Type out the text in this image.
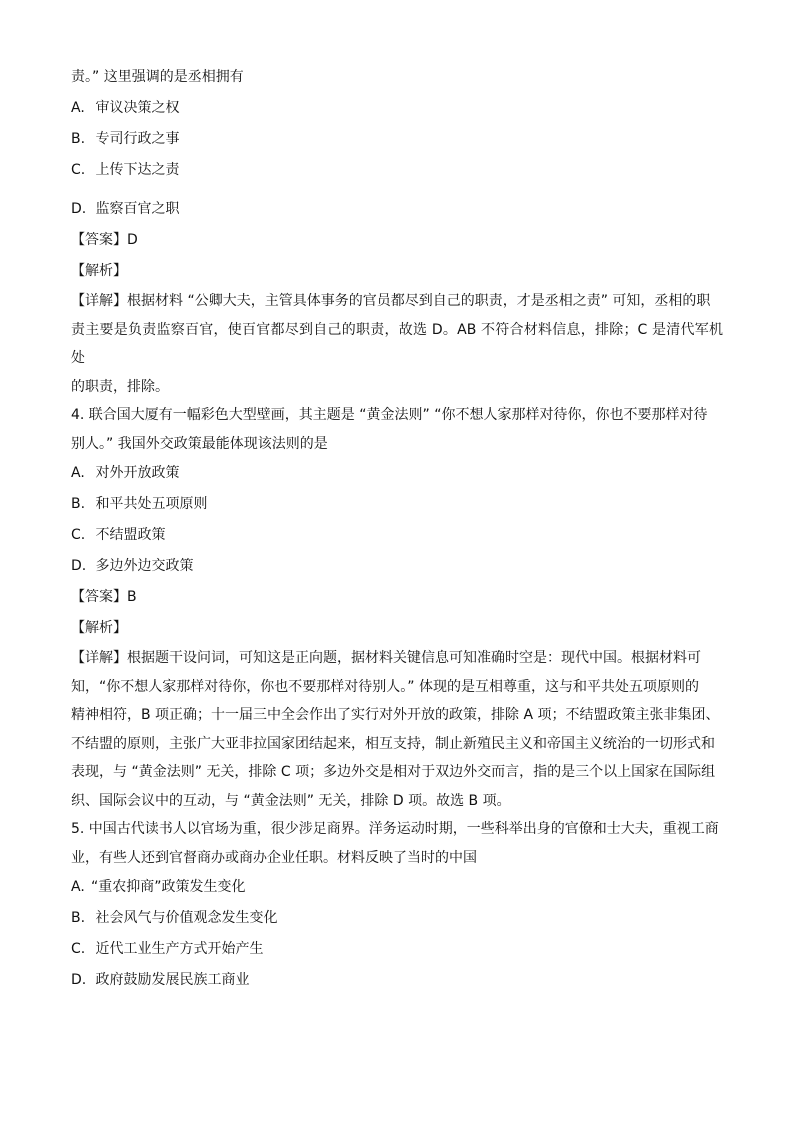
责。” 这里强调的是丞相拥有

A. 审议决策之权

B. 专司行政之事

C. 上传下达之责

D. 监察百官之职

【答案】D

【解析】

【详解】根据材料 “公卿大夫，主管具体事务的官员都尽到自己的职责，才是丞相之责” 可知，丞相的职

责主要是负责监察百官，使百官都尽到自己的职责，故选 D。AB 不符合材料信息，排除；C 是清代军机处

的职责，排除。

4. 联合国大厦有一幅彩色大型壁画，其主题是 “黄金法则” “你不想人家那样对待你，你也不要那样对待

别人。” 我国外交政策最能体现该法则的是

A. 对外开放政策

B. 和平共处五项原则

C. 不结盟政策

D. 多边外边交政策

【答案】B

【解析】

【详解】根据题干设问词，可知这是正向题，据材料关键信息可知准确时空是：现代中国。根据材料可

知，“你不想人家那样对待你，你也不要那样对待别人。” 体现的是互相尊重，这与和平共处五项原则的

精神相符，B 项正确；十一届三中全会作出了实行对外开放的政策，排除 A 项；不结盟政策主张非集团、

不结盟的原则，主张广大亚非拉国家团结起来，相互支持，制止新殖民主义和帝国主义统治的一切形式和

表现，与 “黄金法则” 无关，排除 C 项；多边外交是相对于双边外交而言，指的是三个以上国家在国际组

织、国际会议中的互动，与 “黄金法则” 无关，排除 D 项。故选 B 项。

5. 中国古代读书人以官场为重，很少涉足商界。洋务运动时期，一些科举出身的官僚和士大夫，重视工商

业，有些人还到官督商办或商办企业任职。材料反映了当时的中国

A. “重农抑商”政策发生变化

B. 社会风气与价值观念发生变化

C. 近代工业生产方式开始产生

D. 政府鼓励发展民族工商业
